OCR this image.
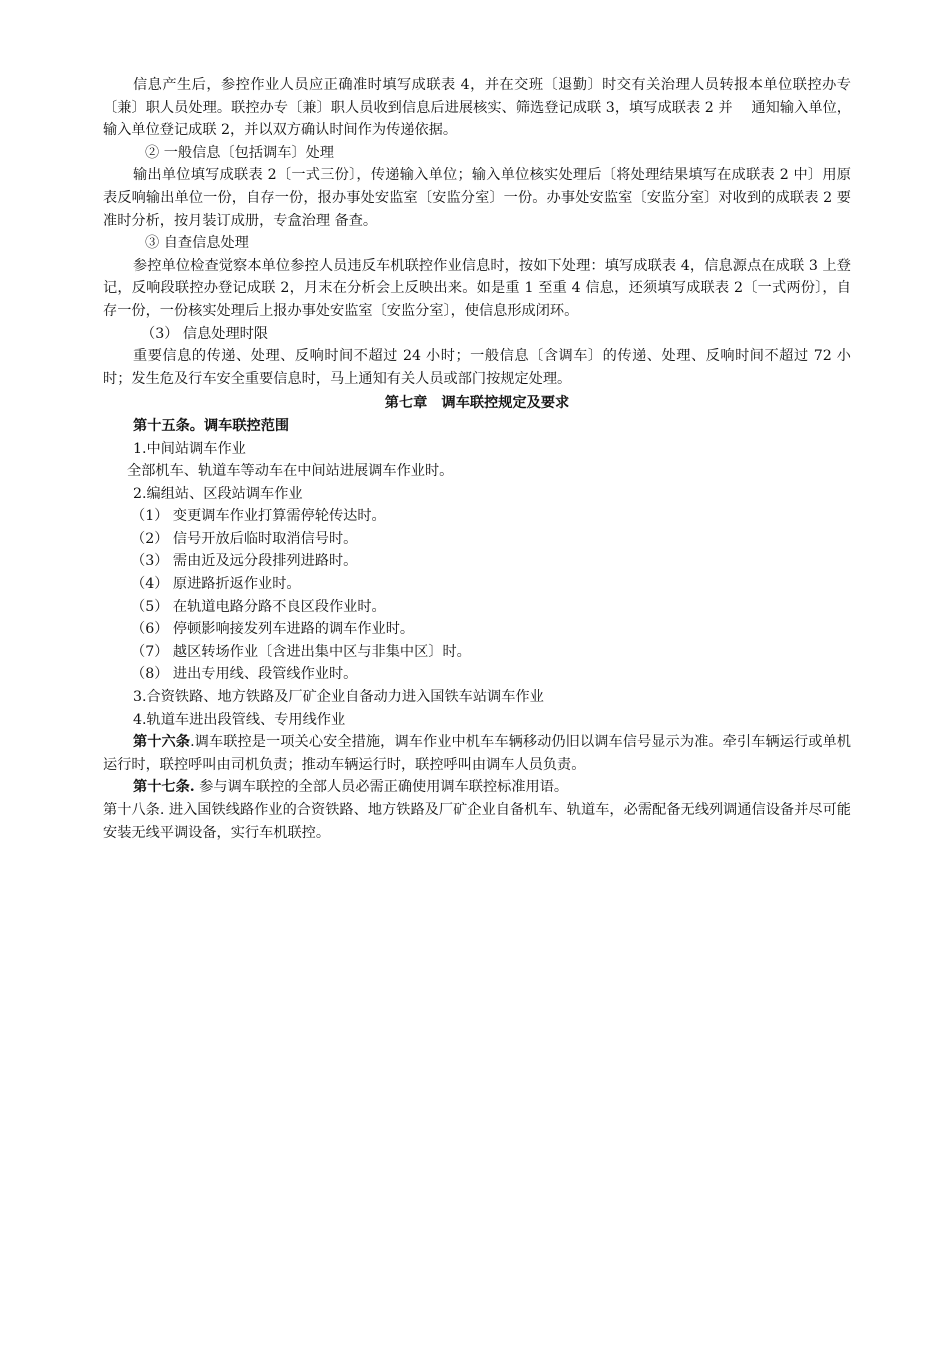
信息产生后，参控作业人员应正确准时填写成联表 4，并在交班〔退勤〕时交有关治理人员转报本单位联控办专〔兼〕职人员处理。联控办专〔兼〕职人员收到信息后进展核实、筛选登记成联 3，填写成联表 2 并　 通知输入单位，输入单位登记成联 2，并以双方确认时间作为传递依据。

② 一般信息〔包括调车〕处理

输出单位填写成联表 2〔一式三份〕，传递输入单位；输入单位核实处理后〔将处理结果填写在成联表 2 中〕用原表反响输出单位一份，自存一份，报办事处安监室〔安监分室〕一份。办事处安监室〔安监分室〕对收到的成联表 2 要准时分析，按月装订成册，专盒治理 备查。

③ 自查信息处理

参控单位检查觉察本单位参控人员违反车机联控作业信息时，按如下处理：填写成联表 4，信息源点在成联 3 上登记，反响段联控办登记成联 2，月末在分析会上反映出来。如是重 1 至重 4 信息，还须填写成联表 2〔一式两份〕，自存一份，一份核实处理后上报办事处安监室〔安监分室〕，使信息形成闭环。

（3） 信息处理时限

重要信息的传递、处理、反响时间不超过 24 小时；一般信息〔含调车〕的传递、处理、反响时间不超过 72 小时；发生危及行车安全重要信息时，马上通知有关人员或部门按规定处理。

第七章　调车联控规定及要求

第十五条。调车联控范围

1.中间站调车作业

全部机车、轨道车等动车在中间站进展调车作业时。

2.编组站、区段站调车作业

（1） 变更调车作业打算需停轮传达时。

（2） 信号开放后临时取消信号时。

（3） 需由近及远分段排列进路时。

（4） 原进路折返作业时。

（5） 在轨道电路分路不良区段作业时。

（6） 停顿影响接发列车进路的调车作业时。

（7） 越区转场作业〔含进出集中区与非集中区〕时。

（8） 进出专用线、段管线作业时。

3.合资铁路、地方铁路及厂矿企业自备动力进入国铁车站调车作业

4.轨道车进出段管线、专用线作业

第十六条.调车联控是一项关心安全措施，调车作业中机车车辆移动仍旧以调车信号显示为准。牵引车辆运行或单机运行时，联控呼叫由司机负责；推动车辆运行时，联控呼叫由调车人员负责。

第十七条. 参与调车联控的全部人员必需正确使用调车联控标准用语。

第十八条. 进入国铁线路作业的合资铁路、地方铁路及厂矿企业自备机车、轨道车，必需配备无线列调通信设备并尽可能安装无线平调设备，实行车机联控。
